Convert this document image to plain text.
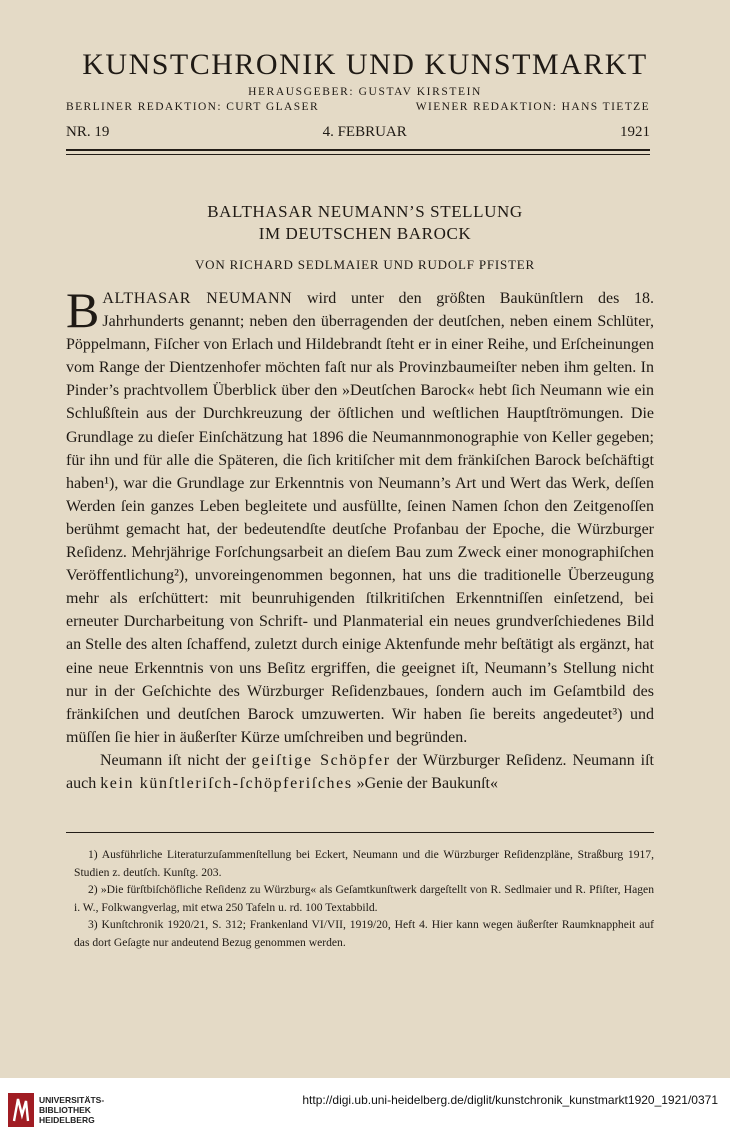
KUNSTCHRONIK UND KUNSTMARKT
HERAUSGEBER: GUSTAV KIRSTEIN
BERLINER REDAKTION: CURT GLASER	WIENER REDAKTION: HANS TIETZE
NR. 19	4. FEBRUAR	1921
BALTHASAR NEUMANN’S STELLUNG
IM DEUTSCHEN BAROCK
VON RICHARD SEDLMAIER UND RUDOLF PFISTER

BALTHASAR NEUMANN wird unter den größten Baukünſtlern des 18. Jahrhunderts genannt; neben den überragenden der deutſchen, neben einem Schlüter, Pöppelmann, Fiſcher von Erlach und Hildebrandt ſteht er in einer Reihe, und Erſcheinungen vom Range der Dientzenhofer möchten faſt nur als Provinzbaumeiſter neben ihm gelten. In Pinder’s prachtvollem Überblick über den »Deutſchen Barock« hebt ſich Neumann wie ein Schlußſtein aus der Durchkreuzung der öſtlichen und weſtlichen Hauptſtrömungen. Die Grundlage zu dieſer Einſchätzung hat 1896 die Neumannmonographie von Keller gegeben; für ihn und für alle die Späteren, die ſich kritiſcher mit dem fränkiſchen Barock beſchäftigt haben¹), war die Grundlage zur Erkenntnis von Neumann’s Art und Wert das Werk, deſſen Werden ſein ganzes Leben begleitete und ausfüllte, ſeinen Namen ſchon den Zeitgenoſſen berühmt gemacht hat, der bedeutendſte deutſche Profanbau der Epoche, die Würzburger Reſidenz. Mehrjährige Forſchungsarbeit an dieſem Bau zum Zweck einer monographiſchen Veröffentlichung²), unvoreingenommen begonnen, hat uns die traditionelle Überzeugung mehr als erſchüttert: mit beunruhigenden ſtilkritiſchen Erkenntniſſen einſetzend, bei erneuter Durcharbeitung von Schrift- und Planmaterial ein neues grundverſchiedenes Bild an Stelle des alten ſchaffend, zuletzt durch einige Aktenfunde mehr beſtätigt als ergänzt, hat eine neue Erkenntnis von uns Beſitz ergriffen, die geeignet iſt, Neumann’s Stellung nicht nur in der Geſchichte des Würzburger Reſidenzbaues, ſondern auch im Geſamtbild des fränkiſchen und deutſchen Barock umzuwerten. Wir haben ſie bereits angedeutet³) und müſſen ſie hier in äußerſter Kürze umſchreiben und begründen.

Neumann iſt nicht der geiſtige Schöpfer der Würzburger Reſidenz. Neumann iſt auch kein künſtleriſch-ſchöpferiſches »Genie der Baukunſt«

1) Ausführliche Literaturzuſammenſtellung bei Eckert, Neumann und die Würzburger Reſidenzpläne, Straßburg 1917, Studien z. deutſch. Kunſtg. 203.

2) »Die fürſtbiſchöfliche Reſidenz zu Würzburg« als Geſamtkunſtwerk dargeſtellt von R. Sedlmaier und R. Pfiſter, Hagen i. W., Folkwangverlag, mit etwa 250 Tafeln u. rd. 100 Textabbild.

3) Kunſtchronik 1920/21, S. 312; Frankenland VI/VII, 1919/20, Heft 4. Hier kann wegen äußerſter Raumknappheit auf das dort Geſagte nur andeutend Bezug genommen werden.

UNIVERSITÄTS-
BIBLIOTHEK
HEIDELBERG
http://digi.ub.uni-heidelberg.de/diglit/kunstchronik_kunstmarkt1920_1921/0371
